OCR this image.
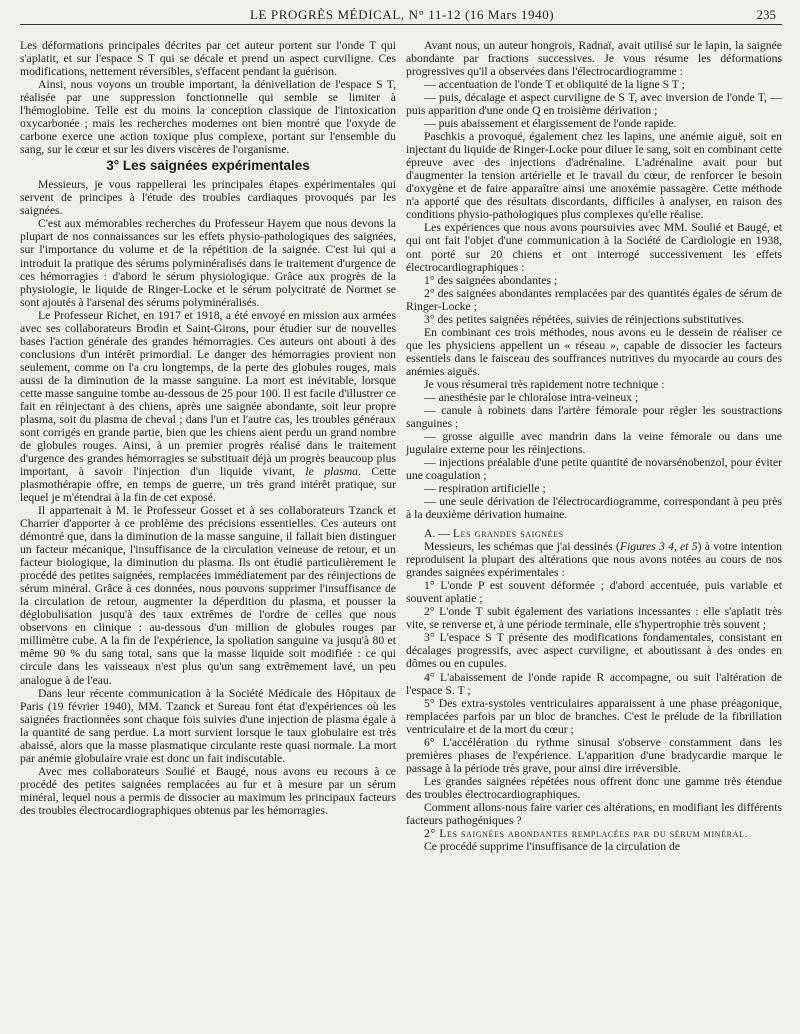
LE PROGRÈS MÉDICAL, N° 11-12 (16 Mars 1940)	235

Les déformations principales décrites par cet auteur portent sur l'onde T qui s'aplatit, et sur l'espace S T qui se décale et prend un aspect curviligne. Ces modifications, nettement réversibles, s'effacent pendant la guérison.

Ainsi, nous voyons un trouble important, la dénivellation de l'espace S T, réalisée par une suppression fonctionnelle qui semble se limiter à l'hémoglobine. Telle est du moins la conception classique de l'intoxication oxycarbonée ; mais les recherches modernes ont bien montré que l'oxyde de carbone exerce une action toxique plus complexe, portant sur l'ensemble du sang, sur le cœur et sur les divers viscères de l'organisme.

3° Les saignées expérimentales

Messieurs, je vous rappellerai les principales étapes expérimentales qui servent de principes à l'étude des troubles cardiaques provoqués par les saignées.

C'est aux mémorables recherches du Professeur Hayem que nous devons la plupart de nos connaissances sur les effets physio-pathologiques des saignées, sur l'importance du volume et de la répétition de la saignée. C'est lui qui a introduit la pratique des sérums polyminéralisés dans le traitement d'urgence de ces hémorragies : d'abord le sérum physiologique. Grâce aux progrès de la physiologie, le liquide de Ringer-Locke et le sérum polycitraté de Normet se sont ajoutés à l'arsenal des sérums polyminéralisés.

Le Professeur Richet, en 1917 et 1918, a été envoyé en mission aux armées avec ses collaborateurs Brodin et Saint-Girons, pour étudier sur de nouvelles bases l'action générale des grandes hémorragies. Ces auteurs ont abouti à des conclusions d'un intérêt primordial. Le danger des hémorragies provient non seulement, comme on l'a cru longtemps, de la perte des globules rouges, mais aussi de la diminution de la masse sanguine. La mort est inévitable, lorsque cette masse sanguine tombe au-dessous de 25 pour 100. Il est facile d'illustrer ce fait en réinjectant à des chiens, après une saignée abondante, soit leur propre plasma, soit du plasma de cheval ; dans l'un et l'autre cas, les troubles généraux sont corrigés en grande partie, bien que les chiens aient perdu un grand nombre de globules rouges. Ainsi, à un premier progrès réalisé dans le traitement d'urgence des grandes hémorragies se substituait déjà un progrès beaucoup plus important, à savoir l'injection d'un liquide vivant, le plasma. Cette plasmothérapie offre, en temps de guerre, un très grand intérêt pratique, sur lequel je m'étendrai à la fin de cet exposé.

Il appartenait à M. le Professeur Gosset et à ses collaborateurs Tzanck et Charrier d'apporter à ce problème des précisions essentielles. Ces auteurs ont démontré que, dans la diminution de la masse sanguine, il fallait bien distinguer un facteur mécanique, l'insuffisance de la circulation veineuse de retour, et un facteur biologique, la diminution du plasma. Ils ont étudié particulièrement le procédé des petites saignées, remplacées immédiatement par des réinjections de sérum minéral. Grâce à ces données, nous pouvons supprimer l'insuffisance de la circulation de retour, augmenter la déperdition du plasma, et pousser la déglobulisation jusqu'à des taux extrêmes de l'ordre de celles que nous observons en clinique : au-dessous d'un million de globules rouges par millimètre cube. A la fin de l'expérience, la spoliation sanguine va jusqu'à 80 et même 90 % du sang total, sans que la masse liquide soit modifiée : ce qui circule dans les vaisseaux n'est plus qu'un sang extrêmement lavé, un peu analogue à de l'eau.

Dans leur récente communication à la Société Médicale des Hôpitaux de Paris (19 février 1940), MM. Tzanck et Sureau font état d'expériences où les saignées fractionnées sont chaque fois suivies d'une injection de plasma égale à la quantité de sang perdue. La mort survient lorsque le taux globulaire est très abaissé, alors que la masse plasmatique circulante reste quasi normale. La mort par anémie globulaire vraie est donc un fait indiscutable.

Avec mes collaborateurs Soulié et Baugé, nous avons eu recours à ce procédé des petites saignées remplacées au fur et à mesure par un sérum minéral, lequel nous a permis de dissocier au maximum les principaux facteurs des troubles électrocardiographiques obtenus par les hémorragies.

Avant nous, un auteur hongrois, Radnaï, avait utilisé sur le lapin, la saignée abondante par fractions successives. Je vous résume les déformations progressives qu'il a observées dans l'électrocardiogramme :

— accentuation de l'onde T et obliquité de la ligne S T ;

— puis, décalage et aspect curviligne de S T, avec inversion de l'onde T, — puis apparition d'une onde Q en troisième dérivation ;

— puis abaissement et élargissement de l'onde rapide.

Paschkis a provoqué, également chez les lapins, une anémie aiguë, soit en injectant du liquide de Ringer-Locke pour diluer le sang, soit en combinant cette épreuve avec des injections d'adrénaline. L'adrénaline avait pour but d'augmenter la tension artérielle et le travail du cœur, de renforcer le besoin d'oxygène et de faire apparaître ainsi une anoxémie passagère. Cette méthode n'a apporté que des résultats discordants, difficiles à analyser, en raison des conditions physio-pathologiques plus complexes qu'elle réalise.

Les expériences que nous avons poursuivies avec MM. Soulié et Baugé, et qui ont fait l'objet d'une communication à la Société de Cardiologie en 1938, ont porté sur 20 chiens et ont interrogé successivement les effets électrocardiographiques :

1° des saignées abondantes ;

2° des saignées abondantes remplacées par des quantités égales de sérum de Ringer-Locke ;

3° des petites saignées répétées, suivies de réinjections substitutives.

En combinant ces trois méthodes, nous avons eu le dessein de réaliser ce que les physiciens appellent un « réseau », capable de dissocier les facteurs essentiels dans le faisceau des souffrances nutritives du myocarde au cours des anémies aiguës.

Je vous résumerai très rapidement notre technique :

— anesthésie par le chloralose intra-veineux ;

— canule à robinets dans l'artère fémorale pour régler les soustractions sanguines ;

— grosse aiguille avec mandrin dans la veine fémorale ou dans une jugulaire externe pour les réinjections.

— injections préalable d'une petite quantité de novarsénobenzol, pour éviter une coagulation ;

— respiration artificielle ;

— une seule dérivation de l'électrocardiogramme, correspondant à peu près à la deuxième dérivation humaine.

A. — Les grandes saignées

Messieurs, les schémas que j'ai dessinés (Figures 3 4, et 5) à votre intention reproduisent la plupart des altérations que nous avons notées au cours de nos grandes saignées expérimentales :

1° L'onde P est souvent déformée ; d'abord accentuée, puis variable et souvent aplatie ;

2° L'onde T subit également des variations incessantes : elle s'aplatit très vite, se renverse et, à une période terminale, elle s'hypertrophie très souvent ;

3° L'espace S T présente des modifications fondamentales, consistant en décalages progressifs, avec aspect curviligne, et aboutissant à des ondes en dômes ou en cupules.

4° L'abaissement de l'onde rapide R accompagne, ou suit l'altération de l'espace S. T ;

5° Des extra-systoles ventriculaires apparaissent à une phase préagonique, remplacées parfois par un bloc de branches. C'est le prélude de la fibrillation ventriculaire et de la mort du cœur ;

6° L'accélération du rythme sinusal s'observe constamment dans les premières phases de l'expérience. L'apparition d'une bradycardie marque le passage à la période très grave, pour ainsi dire irréversible.

Les grandes saignées répétées nous offrent donc une gamme très étendue des troubles électrocardiographiques.

Comment allons-nous faire varier ces altérations, en modifiant les différents facteurs pathogéniques ?

2° Les saignées abondantes remplacées par du sérum minéral.

Ce procédé supprime l'insuffisance de la circulation de
